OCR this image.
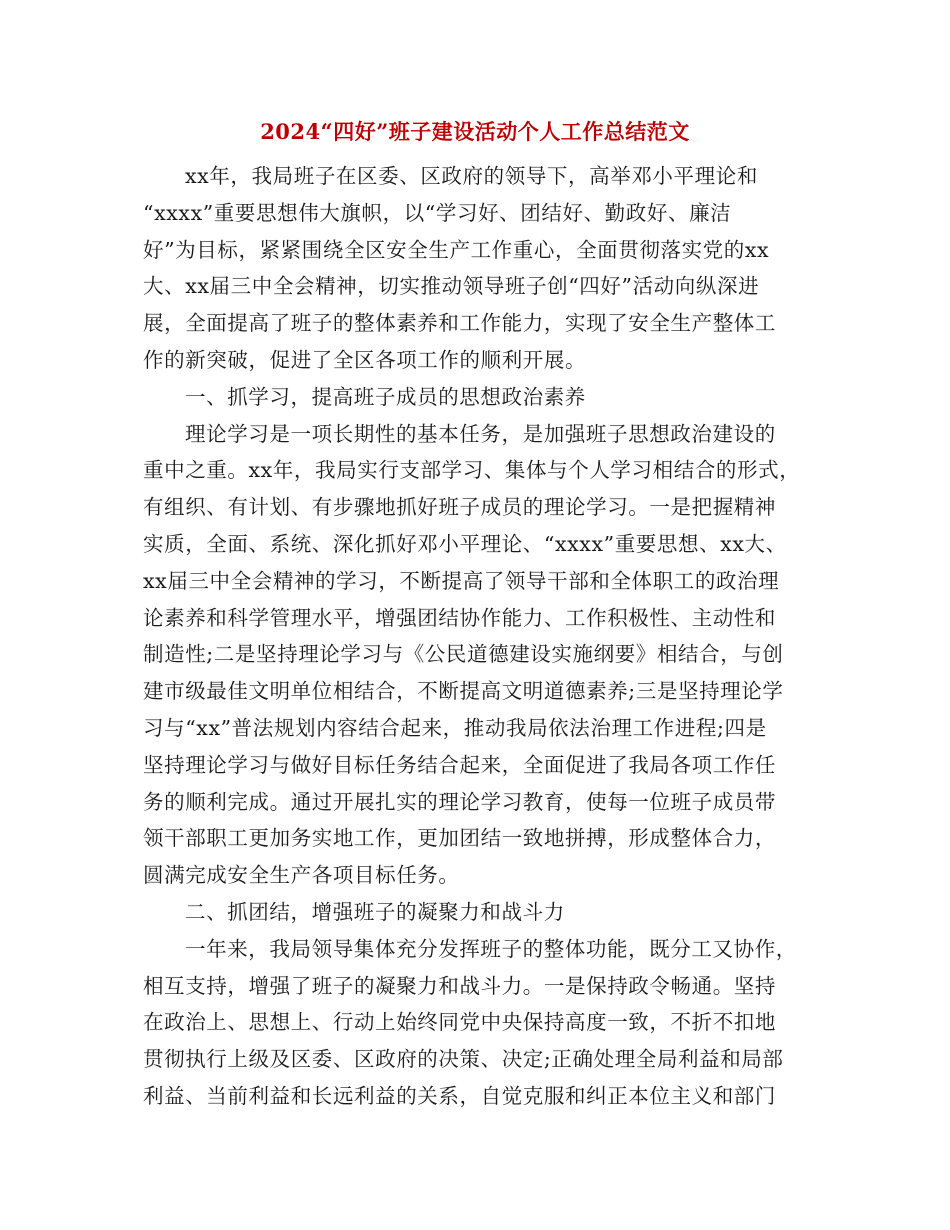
2024“四好”班子建设活动个人工作总结范文
xx年，我局班子在区委、区政府的领导下，高举邓小平理论和
“xxxx”重要思想伟大旗帜，以“学习好、团结好、勤政好、廉洁
好”为目标，紧紧围绕全区安全生产工作重心，全面贯彻落实党的xx
大、xx届三中全会精神，切实推动领导班子创“四好”活动向纵深进
展，全面提高了班子的整体素养和工作能力，实现了安全生产整体工
作的新突破，促进了全区各项工作的顺利开展。
一、抓学习，提高班子成员的思想政治素养
理论学习是一项长期性的基本任务，是加强班子思想政治建设的
重中之重。xx年，我局实行支部学习、集体与个人学习相结合的形式，
有组织、有计划、有步骤地抓好班子成员的理论学习。一是把握精神
实质，全面、系统、深化抓好邓小平理论、“xxxx”重要思想、xx大、
xx届三中全会精神的学习，不断提高了领导干部和全体职工的政治理
论素养和科学管理水平，增强团结协作能力、工作积极性、主动性和
制造性;二是坚持理论学习与《公民道德建设实施纲要》相结合，与创
建市级最佳文明单位相结合，不断提高文明道德素养;三是坚持理论学
习与“xx”普法规划内容结合起来，推动我局依法治理工作进程;四是
坚持理论学习与做好目标任务结合起来，全面促进了我局各项工作任
务的顺利完成。通过开展扎实的理论学习教育，使每一位班子成员带
领干部职工更加务实地工作，更加团结一致地拼搏，形成整体合力，
圆满完成安全生产各项目标任务。
二、抓团结，增强班子的凝聚力和战斗力
一年来，我局领导集体充分发挥班子的整体功能，既分工又协作，
相互支持，增强了班子的凝聚力和战斗力。一是保持政令畅通。坚持
在政治上、思想上、行动上始终同党中央保持高度一致，不折不扣地
贯彻执行上级及区委、区政府的决策、决定;正确处理全局利益和局部
利益、当前利益和长远利益的关系，自觉克服和纠正本位主义和部门
